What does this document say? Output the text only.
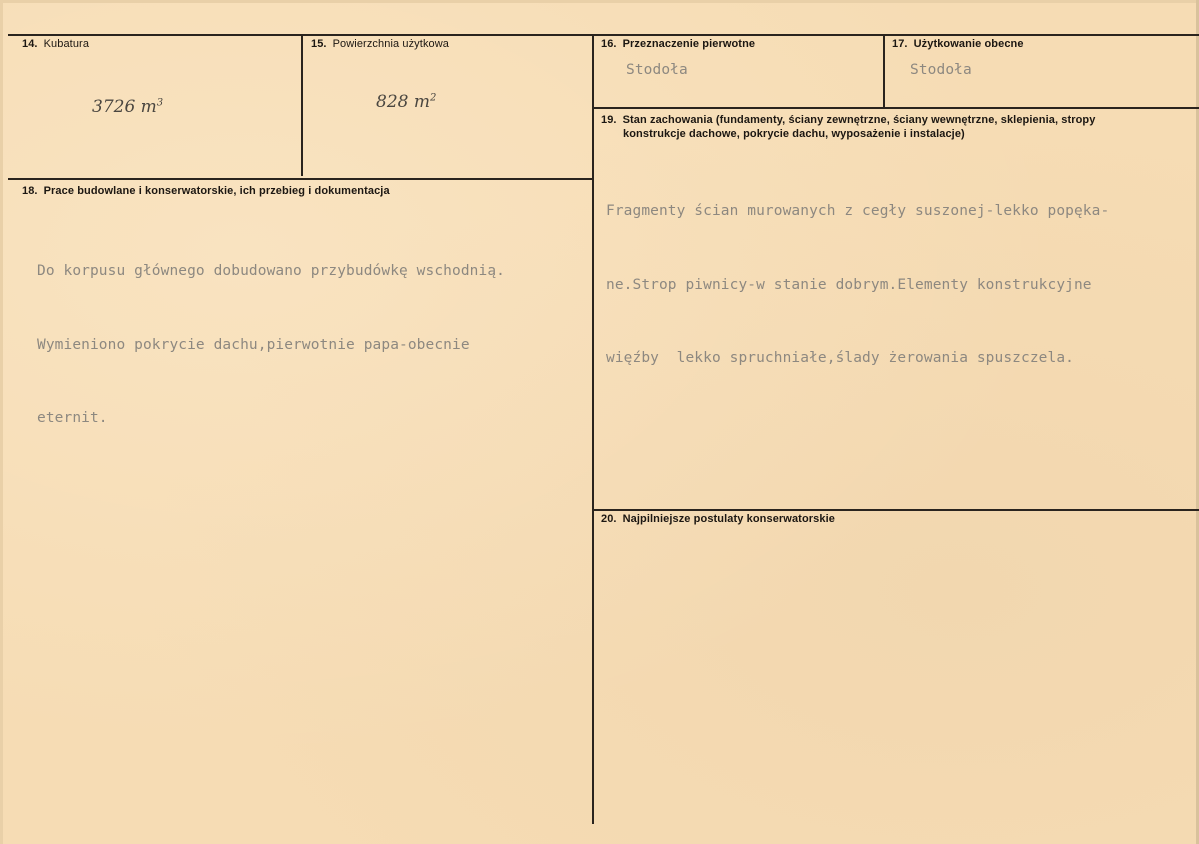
14. Kubatura
3726 $m^3$
15. Powierzchnia użytkowa
828 $m^2$
16. Przeznaczenie pierwotne
Stodoła
17. Użytkowanie obecne
Stodoła
18. Prace budowlane i konserwatorskie, ich przebieg i dokumentacja

Do korpusu głównego dobudowano przybudówkę wschodnią.

Wymieniono pokrycie dachu,pierwotnie papa-obecnie

eternit.

19. Stan zachowania (fundamenty, ściany zewnętrzne, ściany wewnętrzne, sklepienia, stropy
konstrukcje dachowe, pokrycie dachu, wyposażenie i instalacje)

Fragmenty ścian murowanych z cegły suszonej-lekko popęka-

ne.Strop piwnicy-w stanie dobrym.Elementy konstrukcyjne

więźby  lekko spruchniałe,ślady żerowania spuszczela.

20. Najpilniejsze postulaty konserwatorskie
